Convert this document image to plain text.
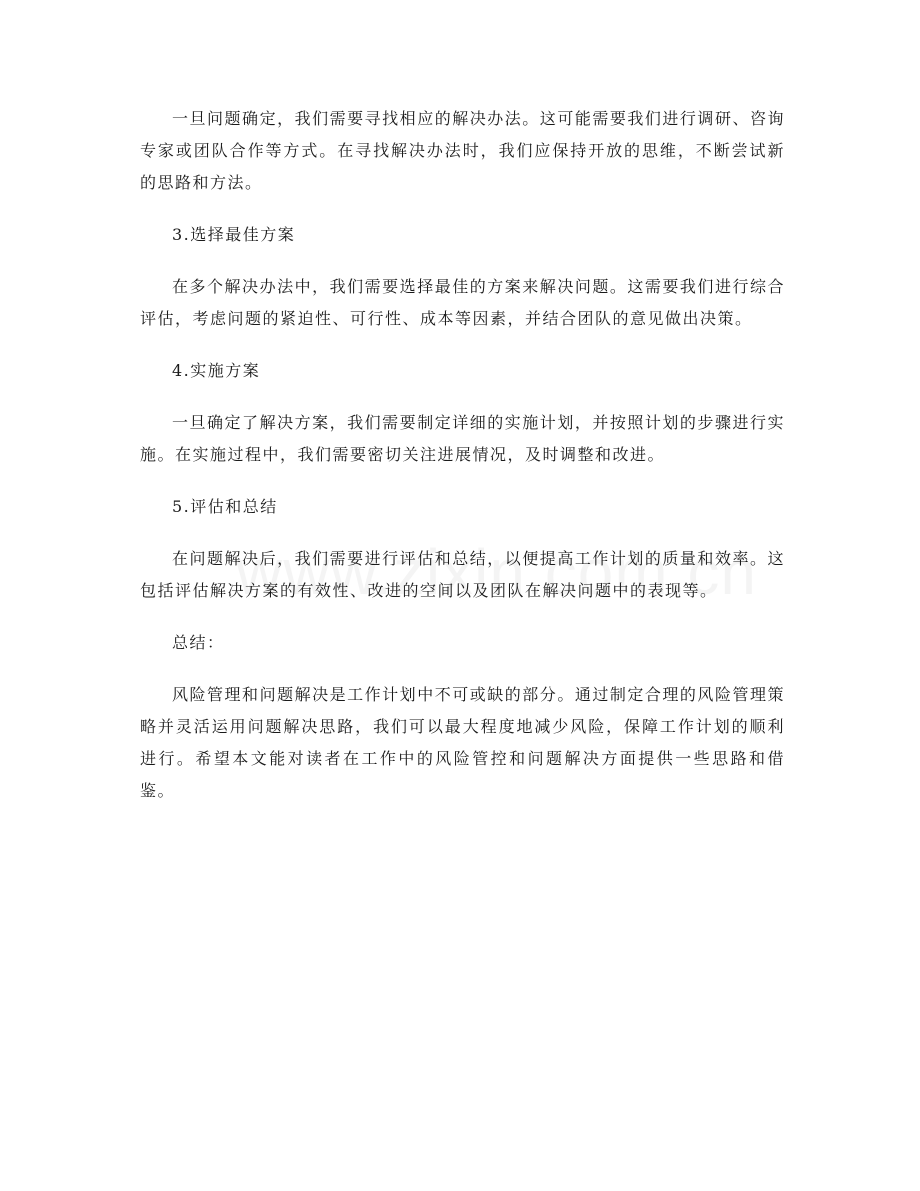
一旦问题确定，我们需要寻找相应的解决办法。这可能需要我们进行调研、咨询专家或团队合作等方式。在寻找解决办法时，我们应保持开放的思维，不断尝试新的思路和方法。

3.选择最佳方案

在多个解决办法中，我们需要选择最佳的方案来解决问题。这需要我们进行综合评估，考虑问题的紧迫性、可行性、成本等因素，并结合团队的意见做出决策。

4.实施方案

一旦确定了解决方案，我们需要制定详细的实施计划，并按照计划的步骤进行实施。在实施过程中，我们需要密切关注进展情况，及时调整和改进。

5.评估和总结

在问题解决后，我们需要进行评估和总结，以便提高工作计划的质量和效率。这包括评估解决方案的有效性、改进的空间以及团队在解决问题中的表现等。

总结：

风险管理和问题解决是工作计划中不可或缺的部分。通过制定合理的风险管理策略并灵活运用问题解决思路，我们可以最大程度地减少风险，保障工作计划的顺利进行。希望本文能对读者在工作中的风险管控和问题解决方面提供一些思路和借鉴。
